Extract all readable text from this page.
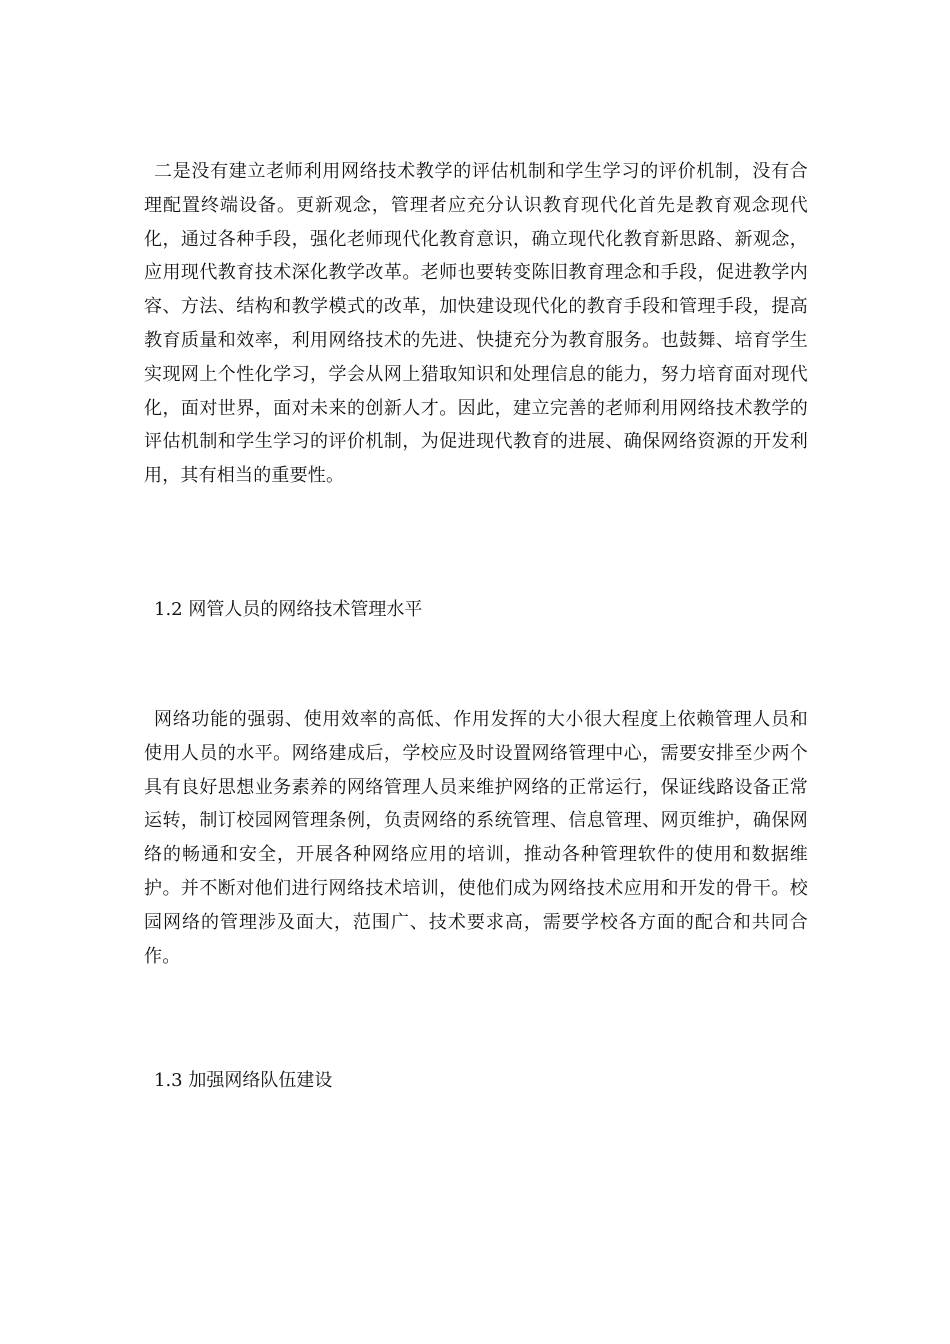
二是没有建立老师利用网络技术教学的评估机制和学生学习的评价机制，没有合理配置终端设备。更新观念，管理者应充分认识教育现代化首先是教育观念现代化，通过各种手段，强化老师现代化教育意识，确立现代化教育新思路、新观念，应用现代教育技术深化教学改革。老师也要转变陈旧教育理念和手段，促进教学内容、方法、结构和教学模式的改革，加快建设现代化的教育手段和管理手段，提高教育质量和效率，利用网络技术的先进、快捷充分为教育服务。也鼓舞、培育学生实现网上个性化学习，学会从网上猎取知识和处理信息的能力，努力培育面对现代化，面对世界，面对未来的创新人才。因此，建立完善的老师利用网络技术教学的评估机制和学生学习的评价机制，为促进现代教育的进展、确保网络资源的开发利用，其有相当的重要性。

1.2 网管人员的网络技术管理水平

网络功能的强弱、使用效率的高低、作用发挥的大小很大程度上依赖管理人员和使用人员的水平。网络建成后，学校应及时设置网络管理中心，需要安排至少两个具有良好思想业务素养的网络管理人员来维护网络的正常运行，保证线路设备正常运转，制订校园网管理条例，负责网络的系统管理、信息管理、网页维护，确保网络的畅通和安全，开展各种网络应用的培训，推动各种管理软件的使用和数据维护。并不断对他们进行网络技术培训，使他们成为网络技术应用和开发的骨干。校园网络的管理涉及面大，范围广、技术要求高，需要学校各方面的配合和共同合作。

1.3 加强网络队伍建设
